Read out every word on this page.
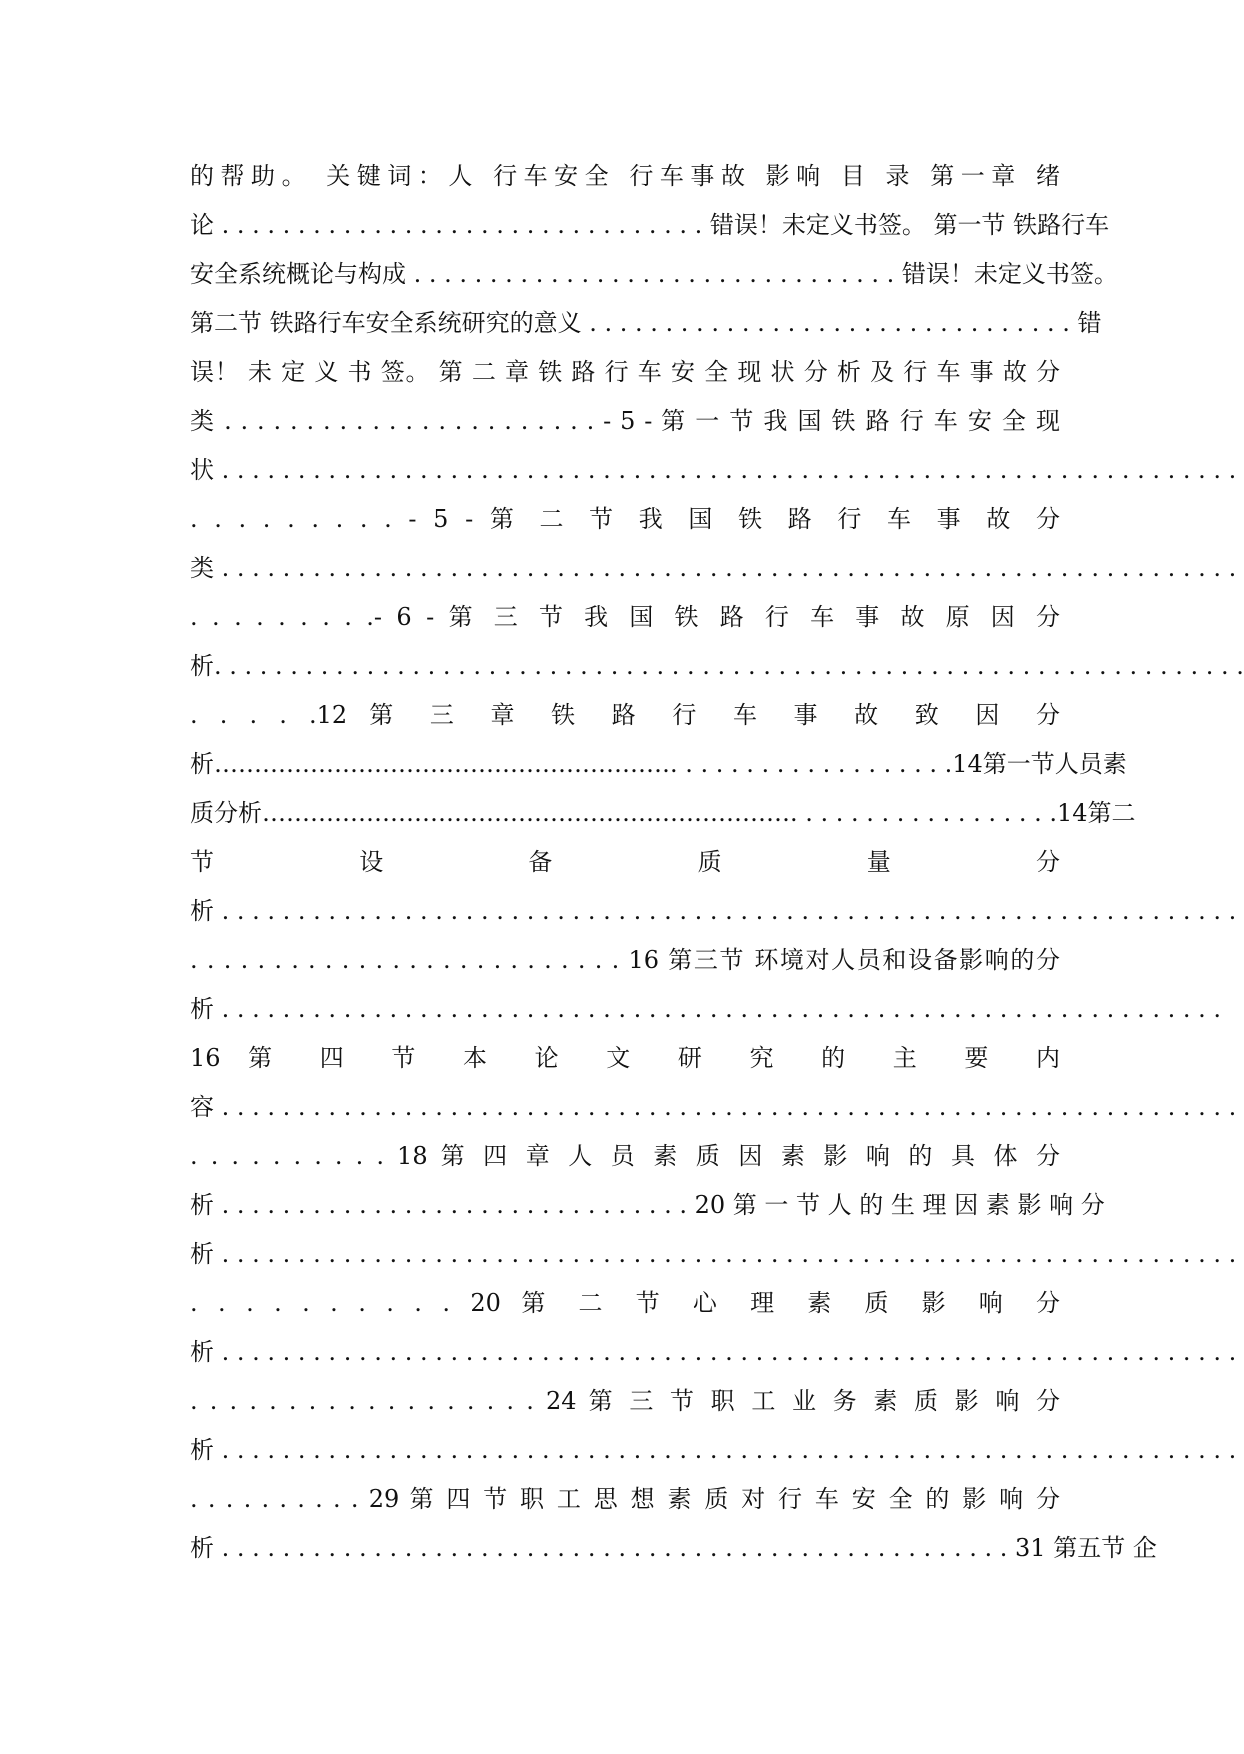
的帮助。 关键词：人 行车安全 行车事故 影响 目 录 第一章 绪
论 . . . . . . . . . . . . . . . . . . . . . . . . . . . . . . . . 错误！未定义书签。 第一节 铁路行车
安全系统概论与构成 . . . . . . . . . . . . . . . . . . . . . . . . . . . . . . . . 错误！未定义书签。
第二节 铁路行车安全系统研究的意义 . . . . . . . . . . . . . . . . . . . . . . . . . . . . . . . . 错
误！ 未 定 义 书 签。 第 二 章 铁 路 行 车 安 全 现 状 分 析 及 行 车 事 故 分
类 . . . . . . . . . . . . . . . . . . . . . . . - 5 - 第 一 节 我 国 铁 路 行 车 安 全 现
状 . . . . . . . . . . . . . . . . . . . . . . . . . . . . . . . . . . . . . . . . . . . . . . . . . . . . . . . . . . . . . . . . . . .
. . . . . . . . . - 5 - 第 二 节 我 国 铁 路 行 车 事 故 分
类 . . . . . . . . . . . . . . . . . . . . . . . . . . . . . . . . . . . . . . . . . . . . . . . . . . . . . . . . . . . . . . . . . . .
. . . . . . . . .- 6 - 第 三 节 我 国 铁 路 行 车 事 故 原 因 分
析. . . . . . . . . . . . . . . . . . . . . . . . . . . . . . . . . . . . . . . . . . . . . . . . . . . . . . . . . . . . . . . . . . . .
. . . . .12 第 三 章 铁 路 行 车 事 故 致 因 分
析…………………………………………………. . . . . . . . . . . . . . . . . . .14第一节人员素
质分析…………………………………………………………. . . . . . . . . . . . . . . . . .14第二
节 设 备 质 量 分
析 . . . . . . . . . . . . . . . . . . . . . . . . . . . . . . . . . . . . . . . . . . . . . . . . . . . . . . . . . . . . . . . . . . .
. . . . . . . . . . . . . . . . . . . . . . . . . . 16 第三节 环境对人员和设备影响的分
析 . . . . . . . . . . . . . . . . . . . . . . . . . . . . . . . . . . . . . . . . . . . . . . . . . . . . . . . . . . . . . . . . . .
16 第 四 节 本 论 文 研 究 的 主 要 内
容 . . . . . . . . . . . . . . . . . . . . . . . . . . . . . . . . . . . . . . . . . . . . . . . . . . . . . . . . . . . . . . . . . . .
. . . . . . . . . . 18 第 四 章 人 员 素 质 因 素 影 响 的 具 体 分
析 . . . . . . . . . . . . . . . . . . . . . . . . . . . . . . . 20 第 一 节 人 的 生 理 因 素 影 响 分
析 . . . . . . . . . . . . . . . . . . . . . . . . . . . . . . . . . . . . . . . . . . . . . . . . . . . . . . . . . . . . . . . . . . .
. . . . . . . . . . 20 第 二 节 心 理 素 质 影 响 分
析 . . . . . . . . . . . . . . . . . . . . . . . . . . . . . . . . . . . . . . . . . . . . . . . . . . . . . . . . . . . . . . . . . . .
. . . . . . . . . . . . . . . . . . 24 第 三 节 职 工 业 务 素 质 影 响 分
析 . . . . . . . . . . . . . . . . . . . . . . . . . . . . . . . . . . . . . . . . . . . . . . . . . . . . . . . . . . . . . . . . . . .
. . . . . . . . . . 29 第 四 节 职 工 思 想 素 质 对 行 车 安 全 的 影 响 分
析 . . . . . . . . . . . . . . . . . . . . . . . . . . . . . . . . . . . . . . . . . . . . . . . . . . . . 31 第五节 企
